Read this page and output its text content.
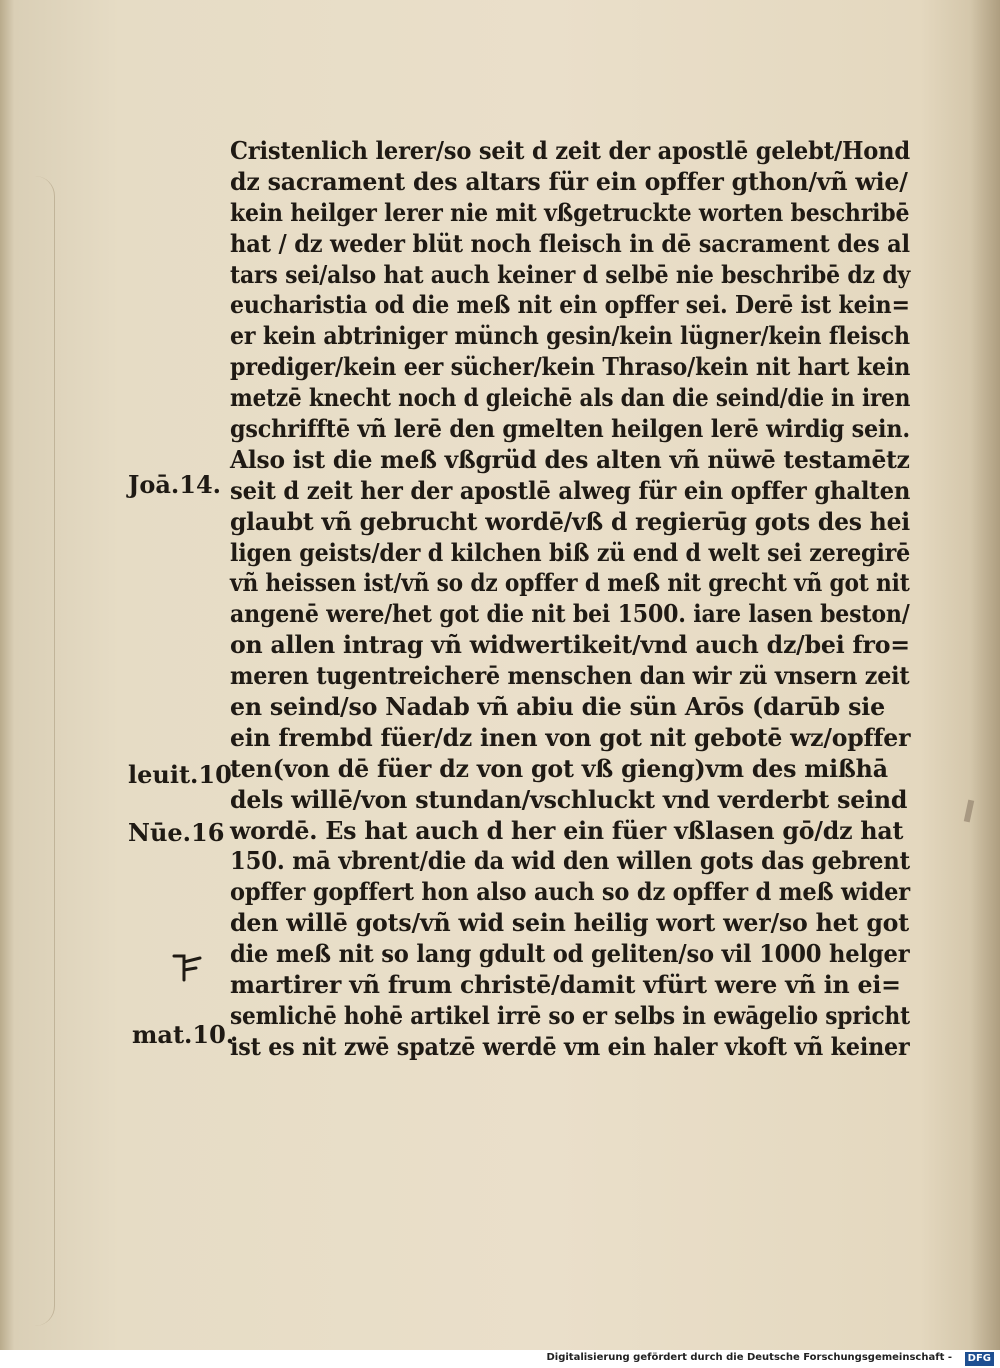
Joā.14.
leuit.10
Nūe.16
mat.10.
Cristenlich lerer/so seit d zeit der apostlē gelebt/Hond
dz sacrament des altars für ein opffer gthon/vñ wie/
kein heilger lerer nie mit vßgetruckte worten beschribē
hat / dz weder blüt noch fleisch in dē sacrament des al
tars sei/also hat auch keiner d selbē nie beschribē dz dy
eucharistia od die meß nit ein opffer sei. Derē ist kein=
er kein abtriniger münch gesin/kein lügner/kein fleisch
prediger/kein eer sücher/kein Thraso/kein nit hart kein
metzē knecht noch d gleichē als dan die seind/die in iren
gschrifftē vñ lerē den gmelten heilgen lerē wirdig sein.
Also ist die meß vßgrüd des alten vñ nüwē testamētz
seit d zeit her der apostlē alweg für ein opffer ghalten
glaubt vñ gebrucht wordē/vß d regierūg gots des hei
ligen geists/der d kilchen biß zü end d welt sei zeregirē
vñ heissen ist/vñ so dz opffer d meß nit grecht vñ got nit
angenē were/het got die nit bei 1500. iare lasen beston/
on allen intrag vñ widwertikeit/vnd auch dz/bei fro=
meren tugentreicherē menschen dan wir zü vnsern zeit
en seind/so Nadab vñ abiu die sün Arōs (darūb sie
ein frembd füer/dz inen von got nit gebotē wz/opffer
ten(von dē füer dz von got vß gieng)vm des mißhā
dels willē/von stundan/vschluckt vnd verderbt seind
wordē. Es hat auch d her ein füer vßlasen gō/dz hat
150. mā vbrent/die da wid den willen gots das gebrent
opffer gopffert hon also auch so dz opffer d meß wider
den willē gots/vñ wid sein heilig wort wer/so het got
die meß nit so lang gdult od geliten/so vil 1000 helger
martirer vñ frum christē/damit vfürt were vñ in ei=
semlichē hohē artikel irrē so er selbs in ewāgelio spricht
ist es nit zwē spatzē werdē vm ein haler vkoft vñ keiner
Digitalisierung gefördert durch die Deutsche Forschungsgemeinschaft -	DFG
